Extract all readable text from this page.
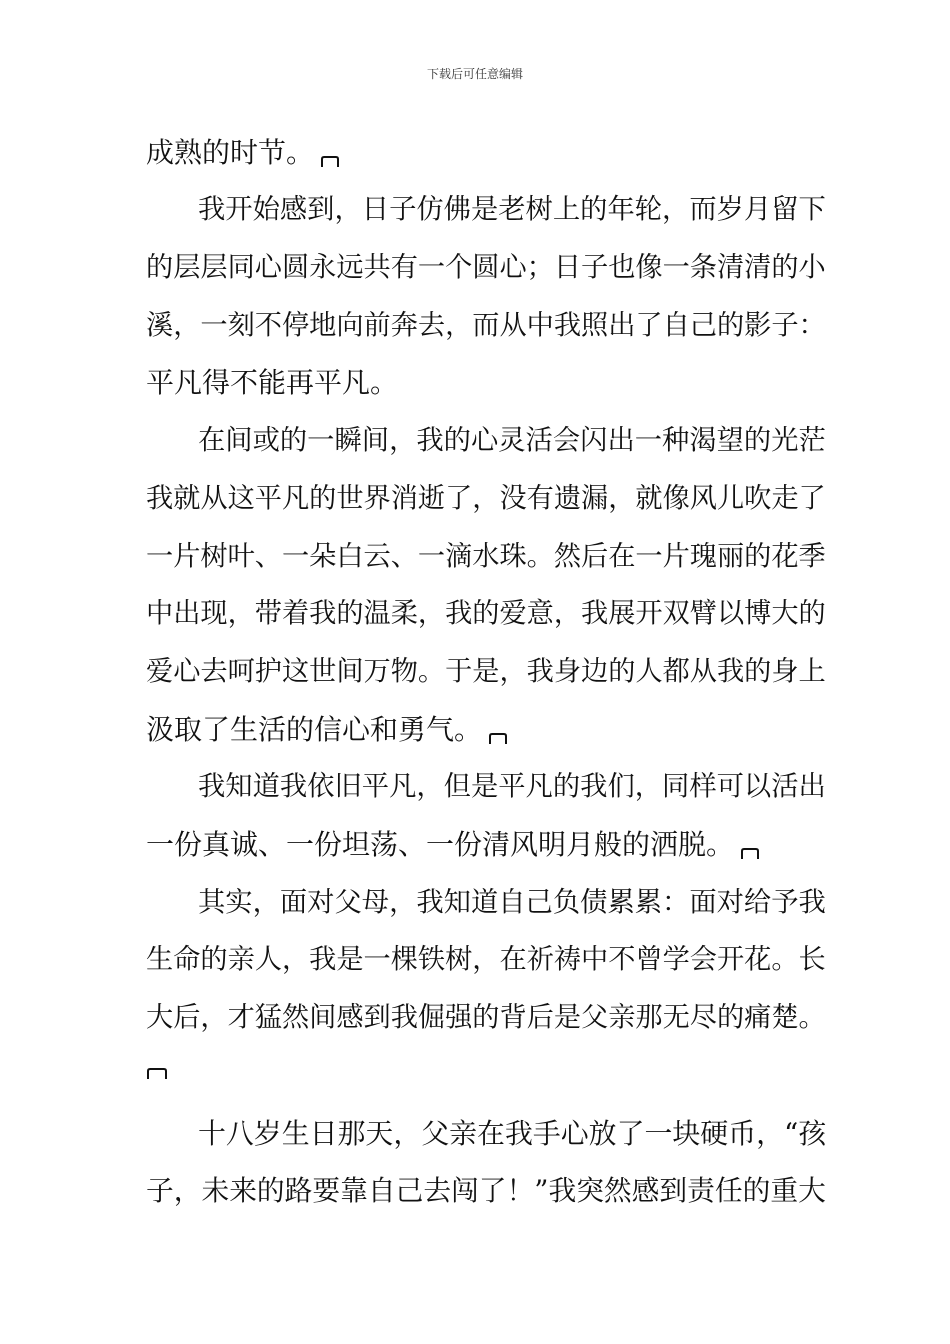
下载后可任意编辑
成熟的时节。
我开始感到，日子仿佛是老树上的年轮，而岁月留下
的层层同心圆永远共有一个圆心；日子也像一条清清的小
溪，一刻不停地向前奔去，而从中我照出了自己的影子：
平凡得不能再平凡。
在间或的一瞬间，我的心灵活会闪出一种渴望的光茫
我就从这平凡的世界消逝了，没有遗漏，就像风儿吹走了
一片树叶、一朵白云、一滴水珠。然后在一片瑰丽的花季
中出现，带着我的温柔，我的爱意，我展开双臂以博大的
爱心去呵护这世间万物。于是，我身边的人都从我的身上
汲取了生活的信心和勇气。
我知道我依旧平凡，但是平凡的我们，同样可以活出
一份真诚、一份坦荡、一份清风明月般的洒脱。
其实，面对父母，我知道自己负债累累：面对给予我
生命的亲人，我是一棵铁树，在祈祷中不曾学会开花。长
大后，才猛然间感到我倔强的背后是父亲那无尽的痛楚。
十八岁生日那天，父亲在我手心放了一块硬币，“孩
子，未来的路要靠自己去闯了！”我突然感到责任的重大
